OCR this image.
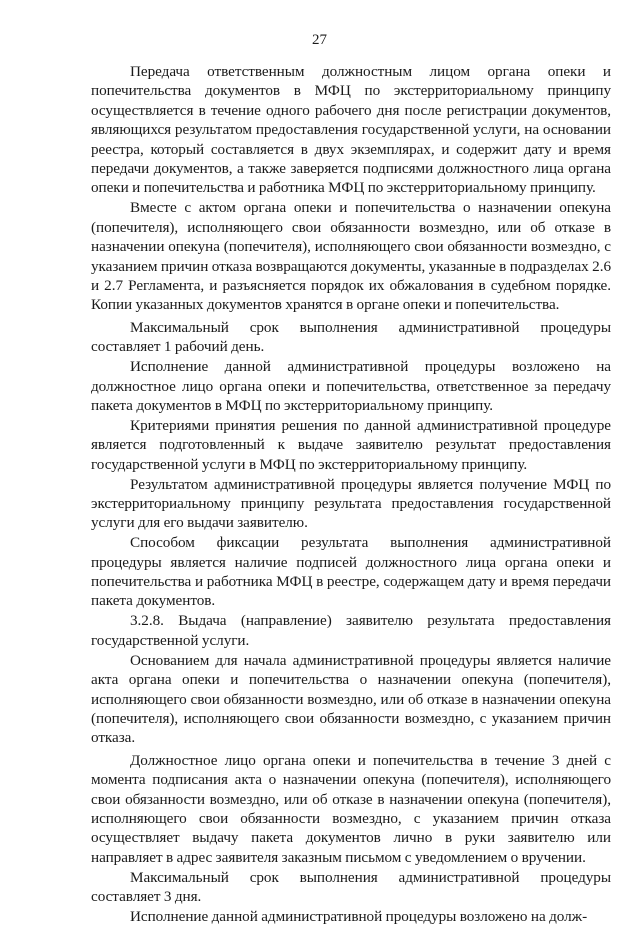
27

Передача ответственным должностным лицом органа опеки и попечительства документов в МФЦ по экстерриториальному принципу осуществляется в течение одного рабочего дня после регистрации документов, являющихся результатом предоставления государственной услуги, на основании реестра, который составляется в двух экземплярах, и содержит дату и время передачи документов, а также заверяется подписями должностного лица органа опеки и попечительства и работника МФЦ по экстерриториальному принципу.

Вместе с актом органа опеки и попечительства о назначении опекуна (попечителя), исполняющего свои обязанности возмездно, или об отказе в назначении опекуна (попечителя), исполняющего свои обязанности возмездно, с указанием причин отказа возвращаются документы, указанные в подразделах 2.6 и 2.7 Регламента, и разъясняется порядок их обжалования в судебном порядке. Копии указанных документов хранятся в органе опеки и попечительства.

Максимальный срок выполнения административной процедуры составляет 1 рабочий день.

Исполнение данной административной процедуры возложено на должностное лицо органа опеки и попечительства, ответственное за передачу пакета документов в МФЦ по экстерриториальному принципу.

Критериями принятия решения по данной административной процедуре является подготовленный к выдаче заявителю результат предоставления государственной услуги в МФЦ по экстерриториальному принципу.

Результатом административной процедуры является получение МФЦ по экстерриториальному принципу результата предоставления государственной услуги для его выдачи заявителю.

Способом фиксации результата выполнения административной процедуры является наличие подписей должностного лица органа опеки и попечительства и работника МФЦ в реестре, содержащем дату и время передачи пакета документов.

3.2.8. Выдача (направление) заявителю результата предоставления государственной услуги.

Основанием для начала административной процедуры является наличие акта органа опеки и попечительства о назначении опекуна (попечителя), исполняющего свои обязанности возмездно, или об отказе в назначении опекуна (попечителя), исполняющего свои обязанности возмездно, с указанием причин отказа.

Должностное лицо органа опеки и попечительства в течение 3 дней с момента подписания акта о назначении опекуна (попечителя), исполняющего свои обязанности возмездно, или об отказе в назначении опекуна (попечителя), исполняющего свои обязанности возмездно, с указанием причин отказа осуществляет выдачу пакета документов лично в руки заявителю или направляет в адрес заявителя заказным письмом с уведомлением о вручении.

Максимальный срок выполнения административной процедуры составляет 3 дня.

Исполнение данной административной процедуры возложено на долж-
